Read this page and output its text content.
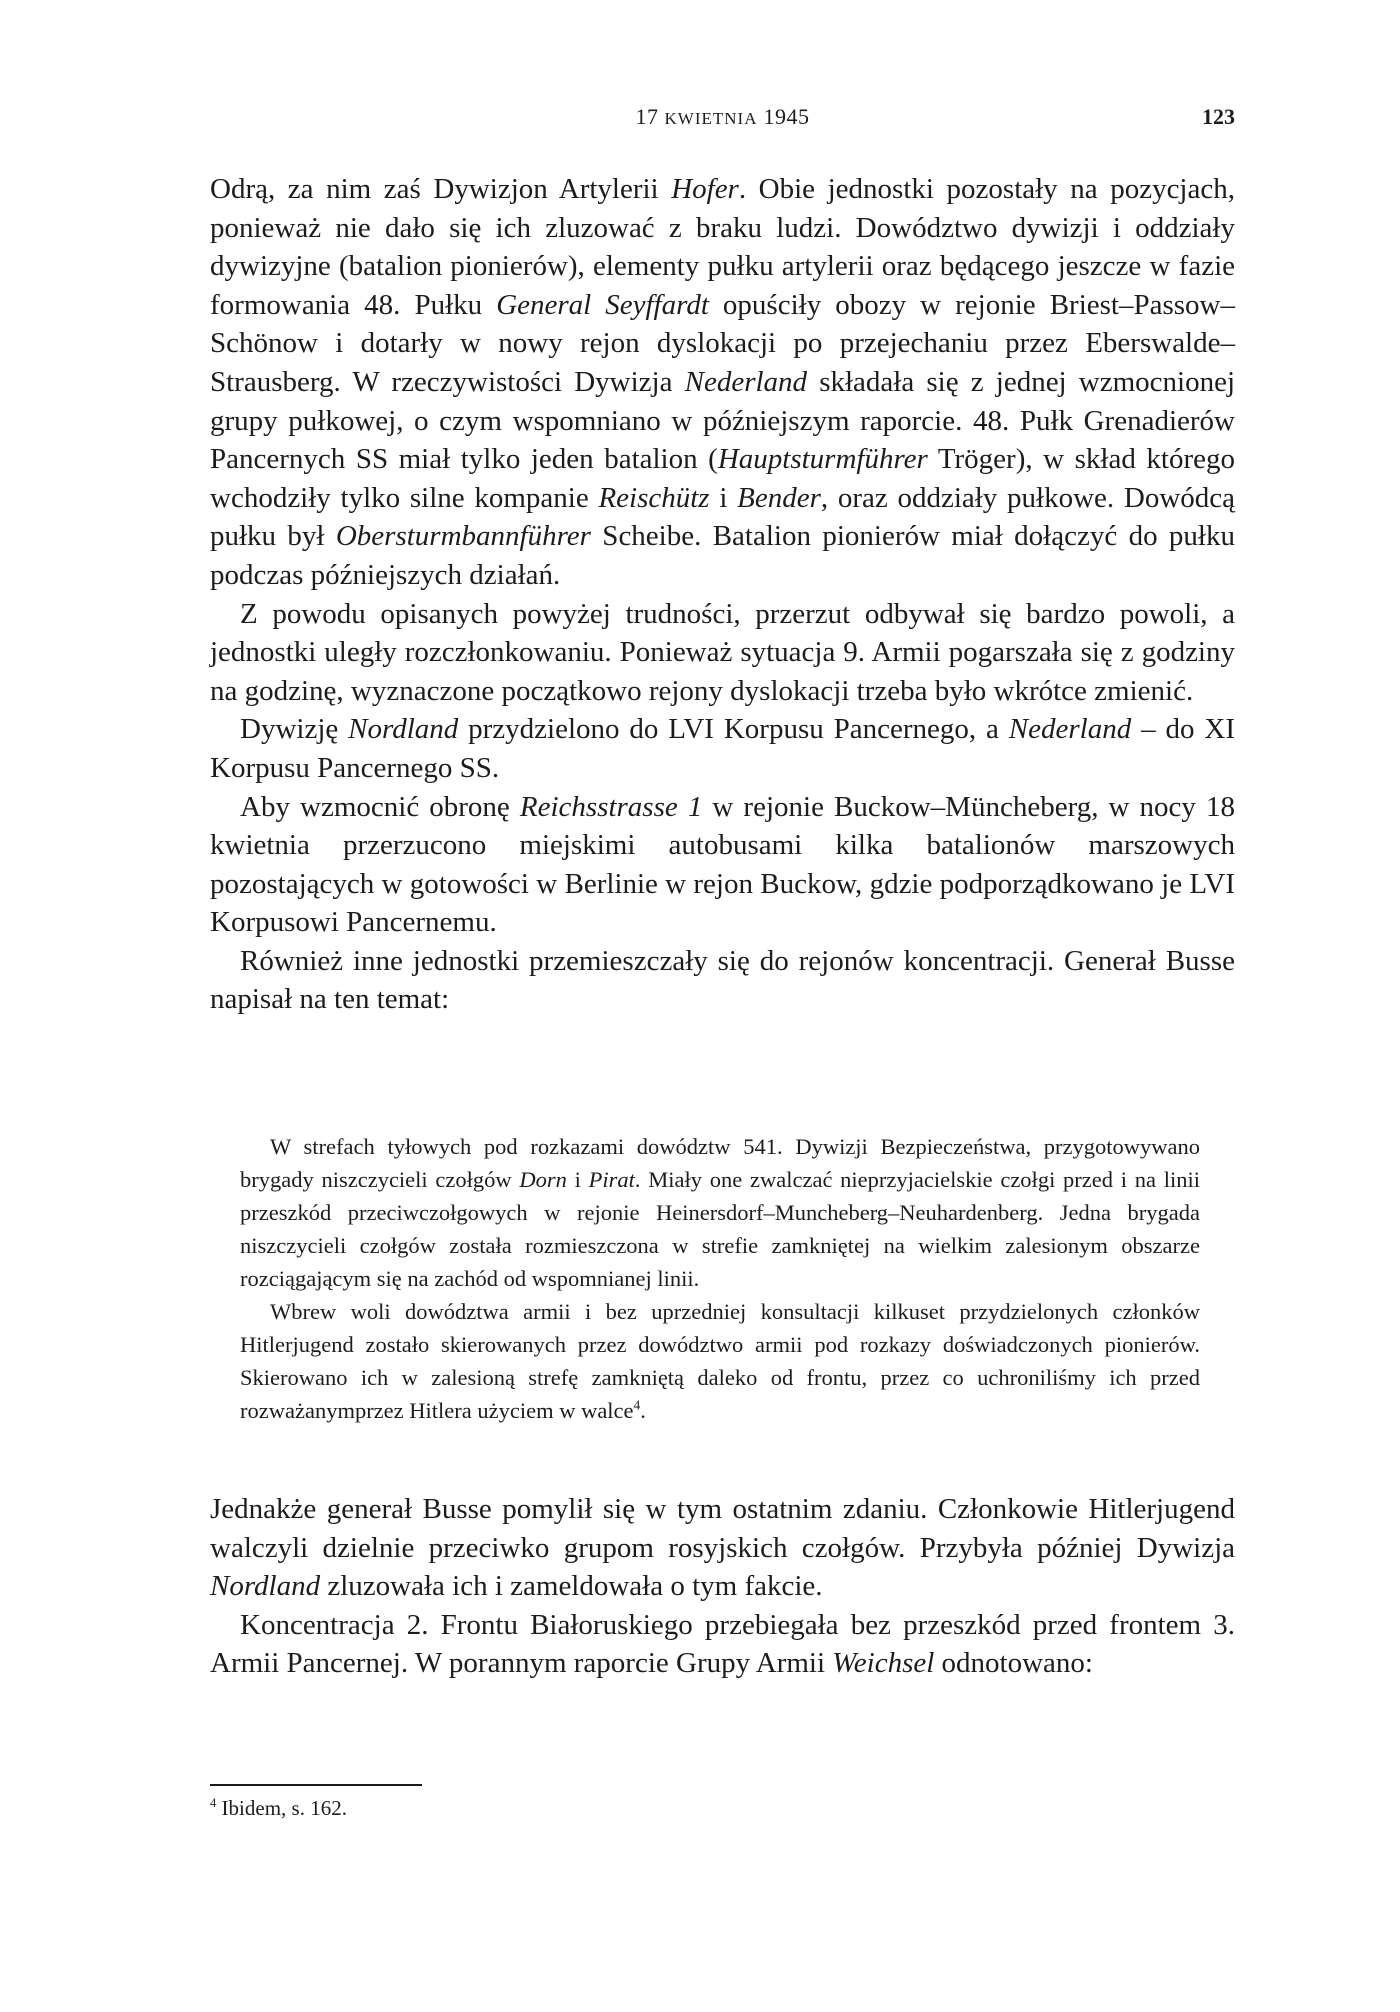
17 KWIETNIA 1945	123

Odrą, za nim zaś Dywizjon Artylerii Hofer. Obie jednostki pozostały na pozycjach, ponieważ nie dało się ich zluzować z braku ludzi. Dowództwo dywizji i oddziały dywizyjne (batalion pionierów), elementy pułku artylerii oraz będącego jeszcze w fazie formowania 48. Pułku General Seyffardt opuściły obozy w rejonie Briest–Passow–Schönow i dotarły w nowy rejon dyslokacji po przejechaniu przez Eberswalde–Strausberg. W rzeczywistości Dywizja Nederland składała się z jednej wzmocnionej grupy pułkowej, o czym wspomniano w późniejszym raporcie. 48. Pułk Grenadierów Pancernych SS miał tylko jeden batalion (Hauptsturmführer Tröger), w skład którego wchodziły tylko silne kompanie Reischütz i Bender, oraz oddziały pułkowe. Dowódcą pułku był Obersturmbannführer Scheibe. Batalion pionierów miał dołączyć do pułku podczas późniejszych działań.

Z powodu opisanych powyżej trudności, przerzut odbywał się bardzo powoli, a jednostki uległy rozczłonkowaniu. Ponieważ sytuacja 9. Armii pogarszała się z godziny na godzinę, wyznaczone początkowo rejony dyslokacji trzeba było wkrótce zmienić.

Dywizję Nordland przydzielono do LVI Korpusu Pancernego, a Nederland – do XI Korpusu Pancernego SS.

Aby wzmocnić obronę Reichsstrasse 1 w rejonie Buckow–Müncheberg, w nocy 18 kwietnia przerzucono miejskimi autobusami kilka batalionów marszowych pozostających w gotowości w Berlinie w rejon Buckow, gdzie podporządkowano je LVI Korpusowi Pancernemu.

Również inne jednostki przemieszczały się do rejonów koncentracji. Generał Busse napisał na ten temat:

W strefach tyłowych pod rozkazami dowództw 541. Dywizji Bezpieczeństwa, przygotowywano brygady niszczycieli czołgów Dorn i Pirat. Miały one zwalczać nieprzyjacielskie czołgi przed i na linii przeszkód przeciwczołgowych w rejonie Heinersdorf–Muncheberg–Neuhardenberg. Jedna brygada niszczycieli czołgów została rozmieszczona w strefie zamkniętej na wielkim zalesionym obszarze rozciągającym się na zachód od wspomnianej linii.

Wbrew woli dowództwa armii i bez uprzedniej konsultacji kilkuset przydzielonych członków Hitlerjugend zostało skierowanych przez dowództwo armii pod rozkazy doświadczonych pionierów. Skierowano ich w zalesioną strefę zamkniętą daleko od frontu, przez co uchroniliśmy ich przed rozważanymprzez Hitlera użyciem w walce$^4$.

Jednakże generał Busse pomylił się w tym ostatnim zdaniu. Członkowie Hitlerjugend walczyli dzielnie przeciwko grupom rosyjskich czołgów. Przybyła później Dywizja Nordland zluzowała ich i zameldowała o tym fakcie.

Koncentracja 2. Frontu Białoruskiego przebiegała bez przeszkód przed frontem 3. Armii Pancernej. W porannym raporcie Grupy Armii Weichsel odnotowano:

$^4$ Ibidem, s. 162.
